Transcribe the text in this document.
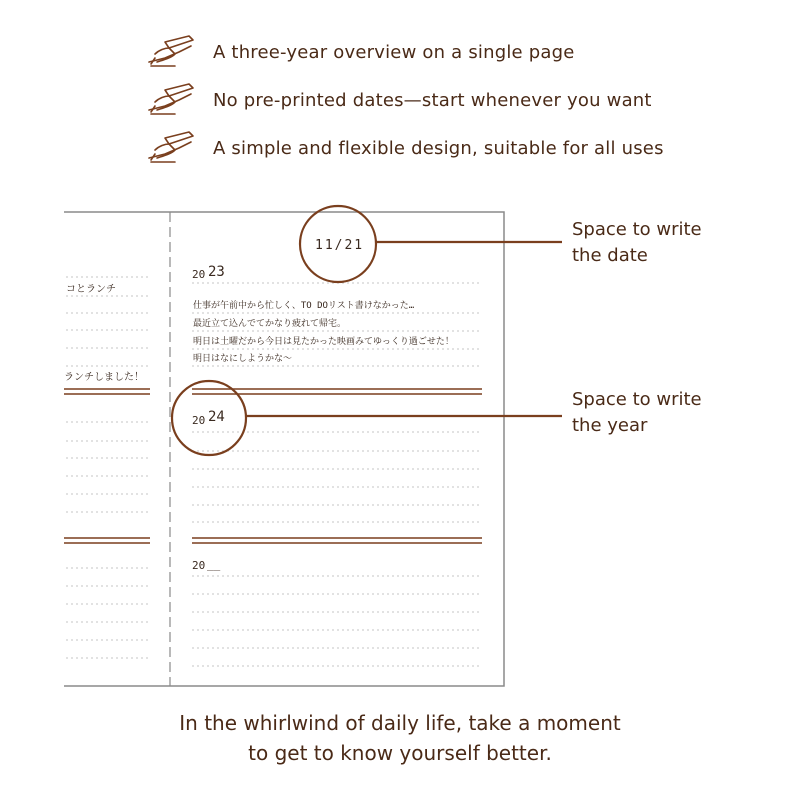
A three-year overview on a single page
No pre-printed dates—start whenever you want
A simple and flexible design, suitable for all uses
コとランチ
ランチしました！
20 23
仕事が午前中から忙しく、TO DOリスト書けなかった…
最近立て込んでてかなり疲れて帰宅。
明日は土曜だから今日は見たかった映画みてゆっくり過ごせた！
明日はなにしようかな〜
20 24
20 __
11/21
Space to write
the date
Space to write
the year
In the whirlwind of daily life, take a moment
to get to know yourself better.
